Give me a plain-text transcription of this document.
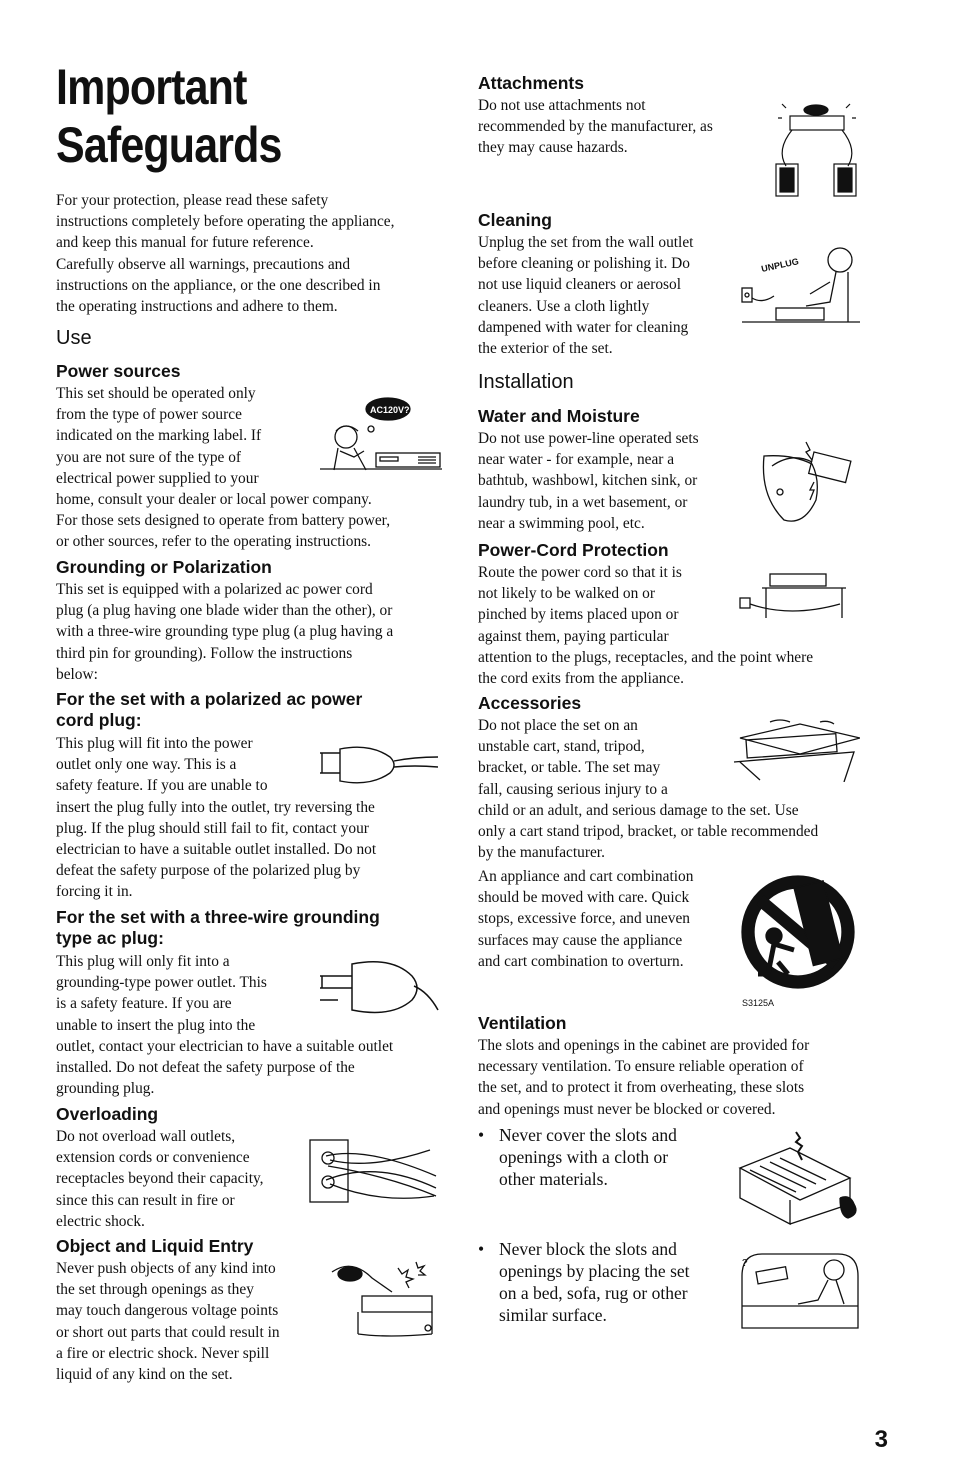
Important
Safeguards
For your protection, please read these safety
instructions completely before operating the appliance,
and keep this manual for future reference.
Carefully observe all warnings, precautions and
instructions on the appliance, or the one described in
the operating instructions and adhere to them.
Use
Power sources
This set should be operated only
from the type of power source
indicated on the marking label. If
you are not sure of the type of
electrical power supplied to your
home, consult your dealer or local power company.
For those sets designed to operate from battery power,
or other sources, refer to the operating instructions.
AC120V?
Grounding or Polarization
This set is equipped with a polarized ac power cord
plug (a plug having one blade wider than the other), or
with a three-wire grounding type plug (a plug having a
third pin for grounding). Follow the instructions
below:
For the set with a polarized ac power
cord plug:
This plug will fit into the power
outlet only one way. This is a
safety feature. If you are unable to
insert the plug fully into the outlet, try reversing the
plug. If the plug should still fail to fit, contact your
electrician to have a suitable outlet installed. Do not
defeat the safety purpose of the polarized plug by
forcing it in.
For the set with a three-wire grounding
type ac plug:
This plug will only fit into a
grounding-type power outlet. This
is a safety feature. If you are
unable to insert the plug into the
outlet, contact your electrician to have a suitable outlet
installed. Do not defeat the safety purpose of the
grounding plug.
Overloading
Do not overload wall outlets,
extension cords or convenience
receptacles beyond their capacity,
since this can result in fire or
electric shock.
Object and Liquid Entry
Never push objects of any kind into
the set through openings as they
may touch dangerous voltage points
or short out parts that could result in
a fire or electric shock. Never spill
liquid of any kind on the set.
Attachments
Do not use attachments not
recommended by the manufacturer, as
they may cause hazards.
Cleaning
Unplug the set from the wall outlet
before cleaning or polishing it. Do
not use liquid cleaners or aerosol
cleaners. Use a cloth lightly
dampened with water for cleaning
the exterior of the set.
UNPLUG
Installation
Water and Moisture
Do not use power-line operated sets
near water - for example, near a
bathtub, washbowl, kitchen sink, or
laundry tub, in a wet basement, or
near a swimming pool, etc.
Power-Cord Protection
Route the power cord so that it is
not likely to be walked on or
pinched by items placed upon or
against them, paying particular
attention to the plugs, receptacles, and the point where
the cord exits from the appliance.
Accessories
Do not place the set on an
unstable cart, stand, tripod,
bracket, or table. The set may
fall, causing serious injury to a
child or an adult, and serious damage to the set. Use
only a cart stand tripod, bracket, or table recommended
by the manufacturer.
An appliance and cart combination
should be moved with care. Quick
stops, excessive force, and uneven
surfaces may cause the appliance
and cart combination to overturn.
S3125A
Ventilation
The slots and openings in the cabinet are provided for
necessary ventilation. To ensure reliable operation of
the set, and to protect it from overheating, these slots
and openings must never be blocked or covered.
• Never cover the slots and
openings with a cloth or
other materials.
• Never block the slots and
openings by placing the set
on a bed, sofa, rug or other
similar surface.
?
3
